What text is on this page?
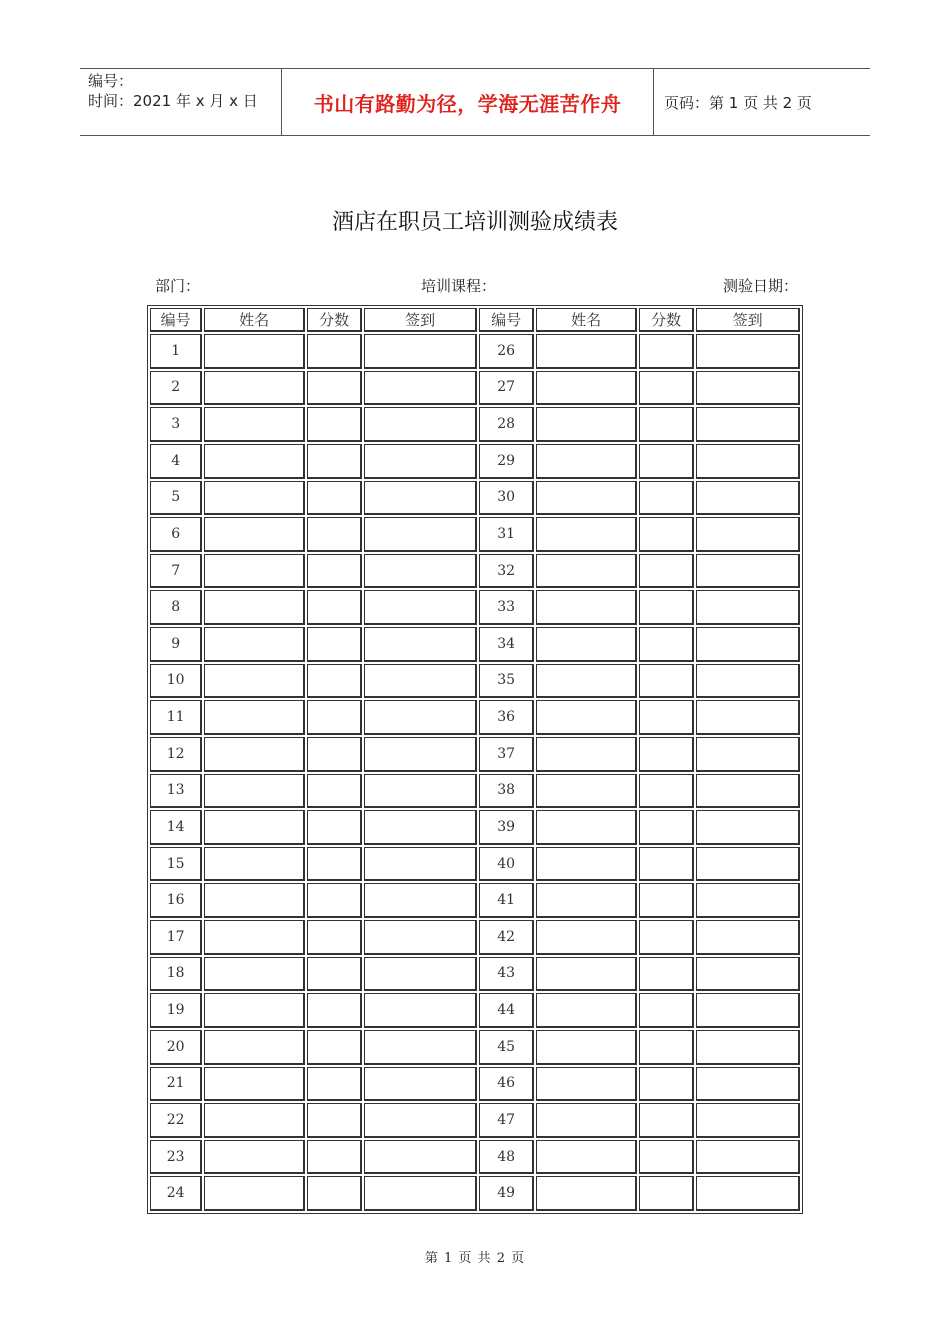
编号：
时间：2021 年 x 月 x 日	书山有路勤为径，学海无涯苦作舟	页码：第 1 页 共 2 页
酒店在职员工培训测验成绩表
部门：	培训课程：	测验日期：
编号	姓名	分数	签到	编号	姓名	分数	签到
1				26			
2				27			
3				28			
4				29			
5				30			
6				31			
7				32			
8				33			
9				34			
10				35			
11				36			
12				37			
13				38			
14				39			
15				40			
16				41			
17				42			
18				43			
19				44			
20				45			
21				46			
22				47			
23				48			
24				49			
第 1 页 共 2 页
